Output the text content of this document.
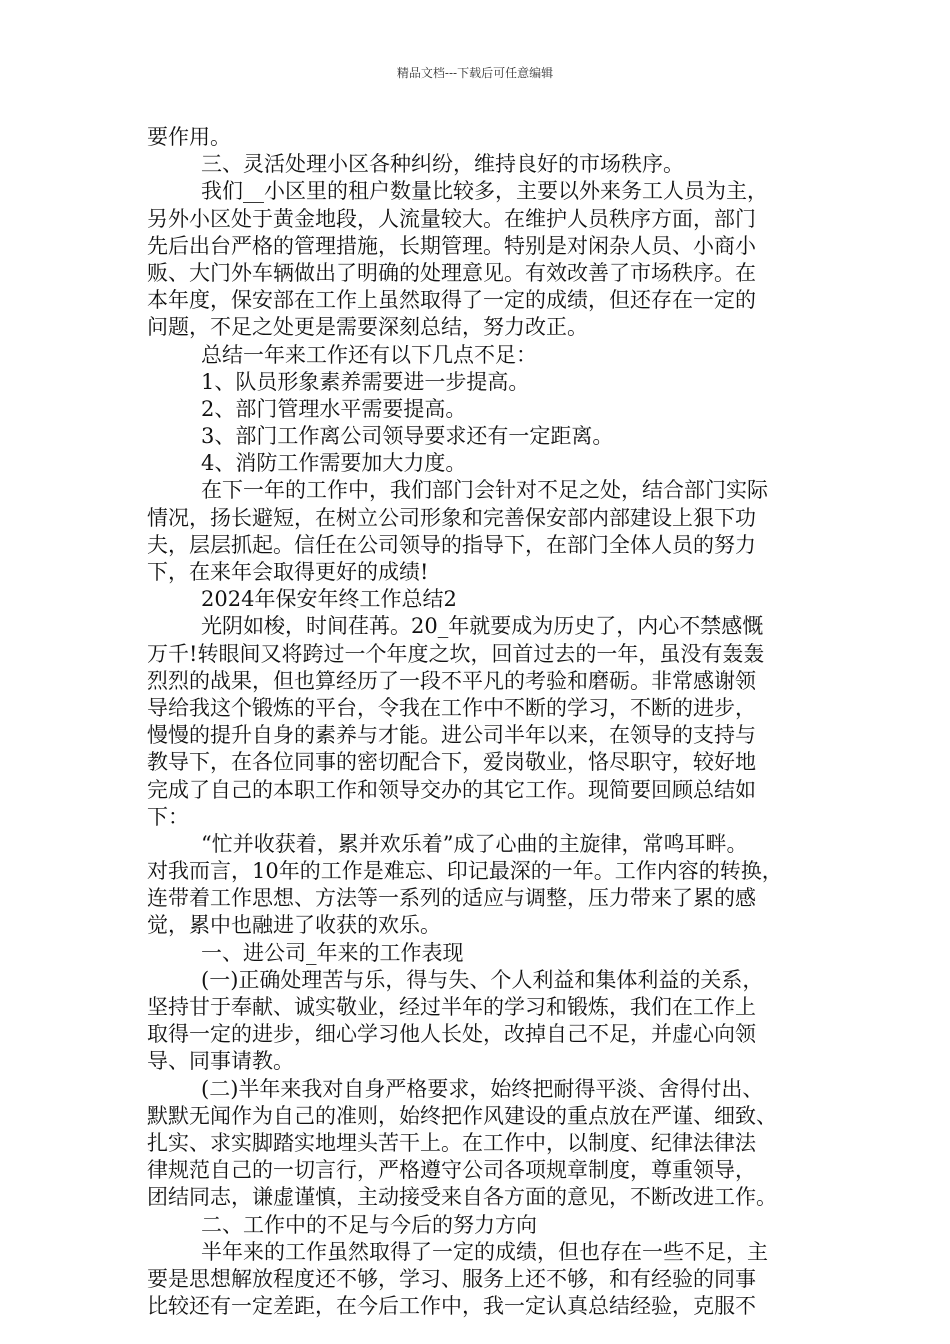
精品文档---下载后可任意编辑
要作用。
三、灵活处理小区各种纠纷，维持良好的市场秩序。
我们__小区里的租户数量比较多，主要以外来务工人员为主，
另外小区处于黄金地段，人流量较大。在维护人员秩序方面，部门
先后出台严格的管理措施，长期管理。特别是对闲杂人员、小商小
贩、大门外车辆做出了明确的处理意见。有效改善了市场秩序。在
本年度，保安部在工作上虽然取得了一定的成绩，但还存在一定的
问题，不足之处更是需要深刻总结，努力改正。
总结一年来工作还有以下几点不足：
1、队员形象素养需要进一步提高。
2、部门管理水平需要提高。
3、部门工作离公司领导要求还有一定距离。
4、消防工作需要加大力度。
在下一年的工作中，我们部门会针对不足之处，结合部门实际
情况，扬长避短，在树立公司形象和完善保安部内部建设上狠下功
夫，层层抓起。信任在公司领导的指导下，在部门全体人员的努力
下，在来年会取得更好的成绩!
2024年保安年终工作总结2
光阴如梭，时间荏苒。20_年就要成为历史了，内心不禁感慨
万千!转眼间又将跨过一个年度之坎，回首过去的一年，虽没有轰轰
烈烈的战果，但也算经历了一段不平凡的考验和磨砺。非常感谢领
导给我这个锻炼的平台，令我在工作中不断的学习，不断的进步，
慢慢的提升自身的素养与才能。进公司半年以来，在领导的支持与
教导下，在各位同事的密切配合下，爱岗敬业，恪尽职守，较好地
完成了自己的本职工作和领导交办的其它工作。现简要回顾总结如
下：
“忙并收获着，累并欢乐着”成了心曲的主旋律，常鸣耳畔。
对我而言，10年的工作是难忘、印记最深的一年。工作内容的转换，
连带着工作思想、方法等一系列的适应与调整，压力带来了累的感
觉，累中也融进了收获的欢乐。
一、进公司_年来的工作表现
(一)正确处理苦与乐，得与失、个人利益和集体利益的关系，
坚持甘于奉献、诚实敬业，经过半年的学习和锻炼，我们在工作上
取得一定的进步，细心学习他人长处，改掉自己不足，并虚心向领
导、同事请教。
(二)半年来我对自身严格要求，始终把耐得平淡、舍得付出、
默默无闻作为自己的准则，始终把作风建设的重点放在严谨、细致、
扎实、求实脚踏实地埋头苦干上。在工作中，以制度、纪律法律法
律规范自己的一切言行，严格遵守公司各项规章制度，尊重领导，
团结同志，谦虚谨慎，主动接受来自各方面的意见，不断改进工作。
二、工作中的不足与今后的努力方向
半年来的工作虽然取得了一定的成绩，但也存在一些不足，主
要是思想解放程度还不够，学习、服务上还不够，和有经验的同事
比较还有一定差距，在今后工作中，我一定认真总结经验，克服不
